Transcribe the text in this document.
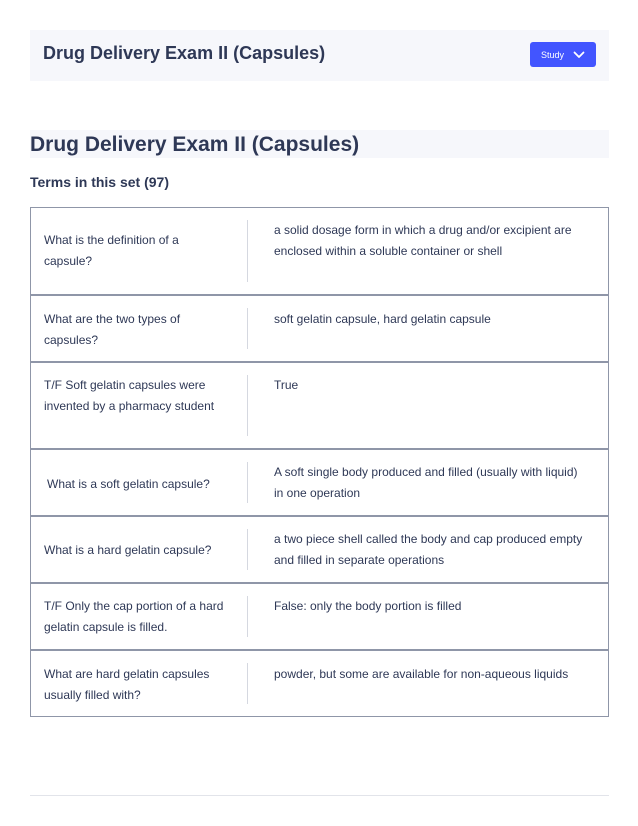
Drug Delivery Exam II (Capsules)	Study
Drug Delivery Exam II (Capsules)
Terms in this set (97)
What is the definition of a capsule?
a solid dosage form in which a drug and/or excipient are enclosed within a soluble container or shell
What are the two types of capsules?
soft gelatin capsule, hard gelatin capsule
T/F Soft gelatin capsules were invented by a pharmacy student
True
What is a soft gelatin capsule?
A soft single body produced and filled (usually with liquid) in one operation
What is a hard gelatin capsule?
a two piece shell called the body and cap produced empty and filled in separate operations
T/F Only the cap portion of a hard gelatin capsule is filled.
False: only the body portion is filled
What are hard gelatin capsules usually filled with?
powder, but some are available for non-aqueous liquids
